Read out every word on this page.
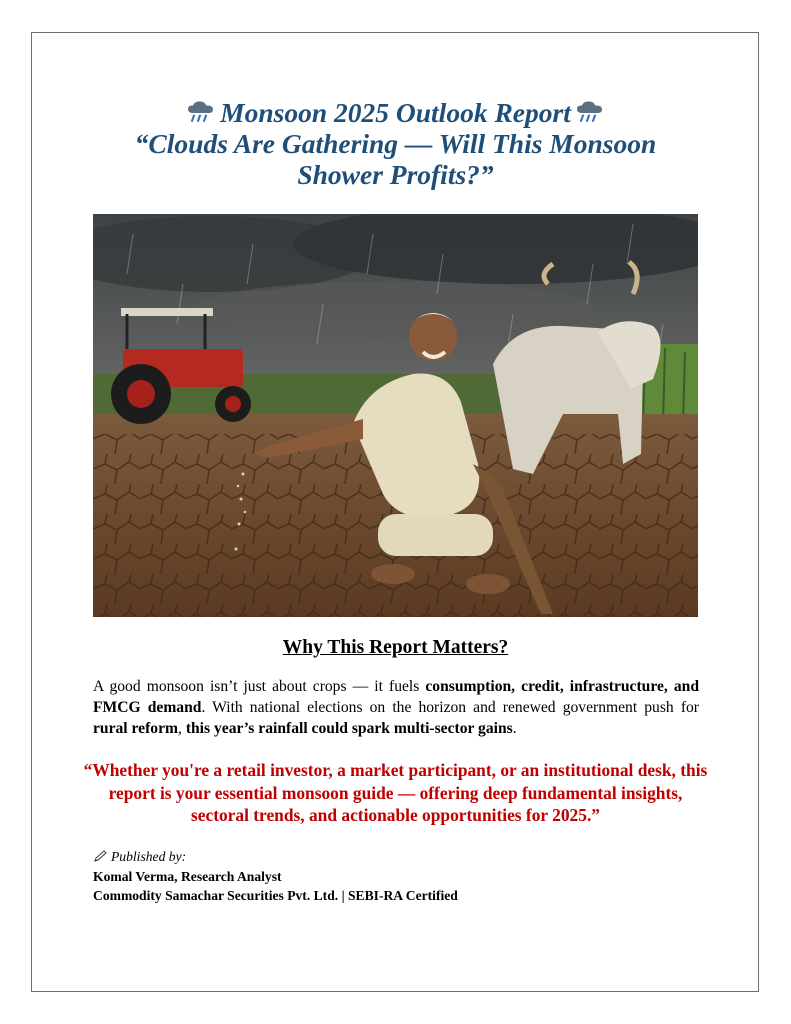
Monsoon 2025 Outlook Report
“Clouds Are Gathering — Will This Monsoon
Shower Profits?”
Why This Report Matters?
A good monsoon isn’t just about crops — it fuels consumption, credit, infrastructure, and FMCG demand. With national elections on the horizon and renewed government push for rural reform, this year’s rainfall could spark multi-sector gains.
“Whether you're a retail investor, a market participant, or an institutional desk, this report is your essential monsoon guide — offering deep fundamental insights, sectoral trends, and actionable opportunities for 2025.”
Published by:
Komal Verma, Research Analyst
Commodity Samachar Securities Pvt. Ltd. | SEBI-RA Certified
